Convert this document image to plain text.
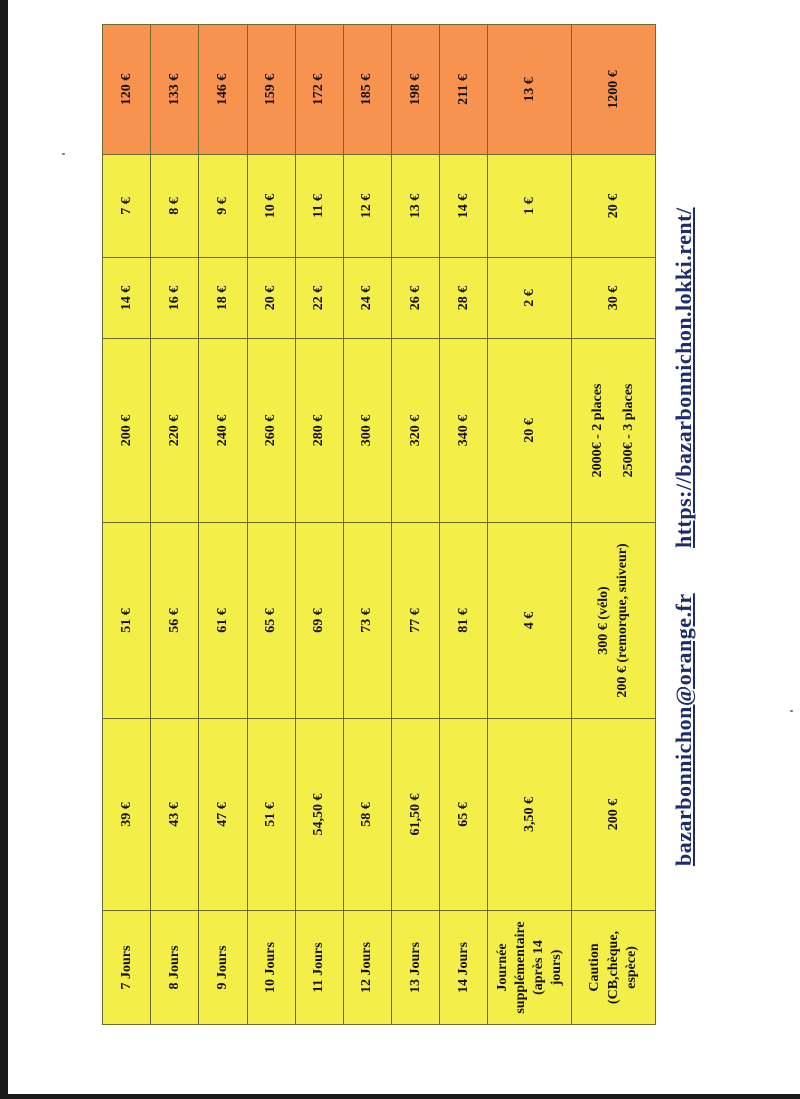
7 Jours	39 €	51 €	200 €	14 €	7 €	120 €
8 Jours	43 €	56 €	220 €	16 €	8 €	133 €
9 Jours	47 €	61 €	240 €	18 €	9 €	146 €
10 Jours	51 €	65 €	260 €	20 €	10 €	159 €
11 Jours	54,50 €	69 €	280 €	22 €	11 €	172 €
12 Jours	58 €	73 €	300 €	24 €	12 €	185 €
13 Jours	61,50 €	77 €	320 €	26 €	13 €	198 €
14 Jours	65 €	81 €	340 €	28 €	14 €	211 €

Journée supplémentaire (après 14 jours)	3,50 €	4 €	20 €	2 €	1 €	13 €

Caution (CB,chèque, espèce)	200 €	300 € (vélo) 200 € (remorque, suiveur)	2000€ - 2 places 2500€ - 3 places	30 €	20 €	1200 €
bazarbonnichon@orange.fr
https://bazarbonnichon.lokki.rent/
